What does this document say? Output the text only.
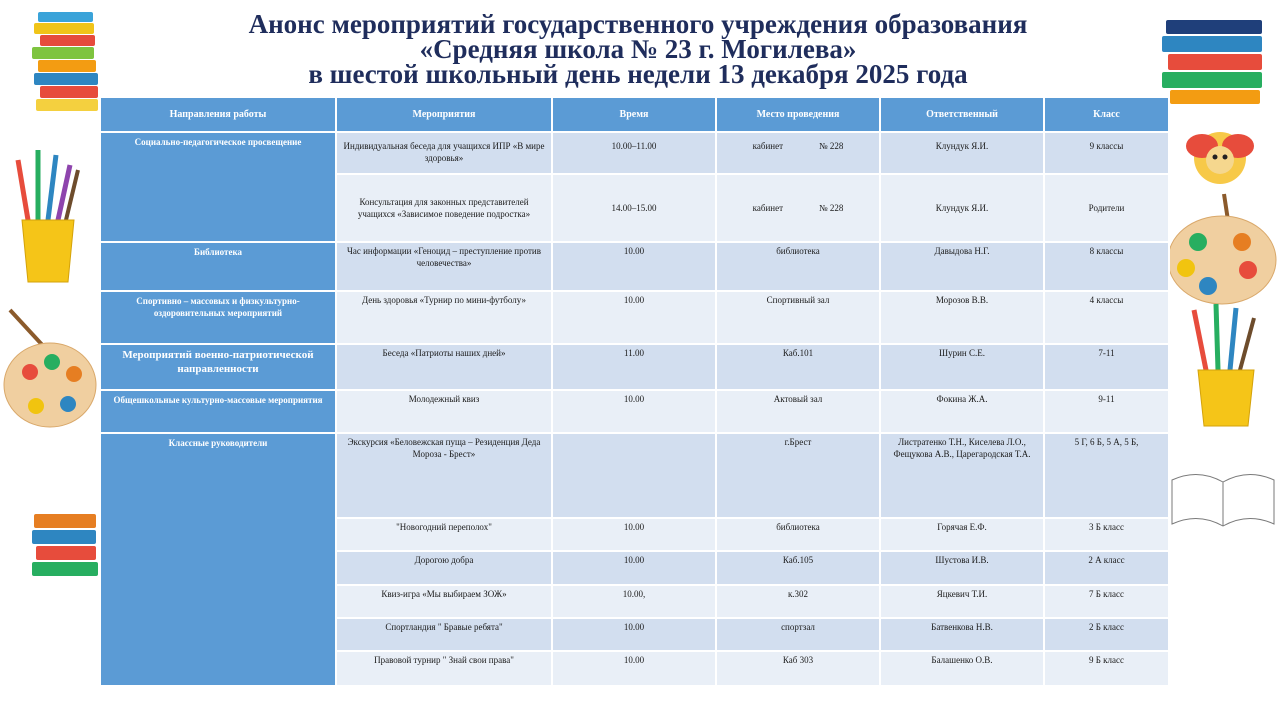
Анонс мероприятий государственного учреждения образования
«Средняя школа № 23 г. Могилева»
в шестой школьный день недели 13 декабря 2025 года
Направления работы	Мероприятия	Время	Место проведения	Ответственный	Класс
Социально-педагогическое просвещение	Индивидуальная беседа для учащихся ИПР «В мире здоровья»	10.00–11.00	кабинет № 228	Клундук Я.И.	9 классы
	Консультация для законных представителей учащихся «Зависимое поведение подростка»	14.00–15.00	кабинет № 228	Клундук Я.И.	Родители
Библиотека	Час информации «Геноцид – преступление против человечества»	10.00	библиотека	Давыдова Н.Г.	8 классы
Спортивно – массовых и физкультурно-оздоровительных мероприятий	День здоровья «Турнир по мини-футболу»	10.00	Спортивный зал	Морозов В.В.	4 классы
Мероприятий военно-патриотической направленности	Беседа «Патриоты наших дней»	11.00	Каб.101	Шурин С.Е.	7-11
Общешкольные культурно-массовые мероприятия	Молодежный квиз	10.00	Актовый зал	Фокина Ж.А.	9-11
Классные руководители	Экскурсия «Беловежская пуща – Резиденция Деда Мороза - Брест»		г.Брест	Листратенко Т.Н., Киселева Л.О., Фещукова А.В., Царегародская Т.А.	5 Г, 6 Б, 5 А, 5 Б,
	"Новогодний переполох"	10.00	библиотека	Горячая Е.Ф.	3 Б класс
	Дорогою добра	10.00	Каб.105	Шустова И.В.	2 А класс
	Квиз-игра «Мы выбираем ЗОЖ»	10.00,	к.302	Яцкевич Т.И.	7 Б класс
	Спортландия " Бравые ребята"	10.00	спортзал	Батвенкова Н.В.	2 Б класс
	Правовой турнир " Знай свои права"	10.00	Каб 303	Балашенко О.В.	9 Б класс
